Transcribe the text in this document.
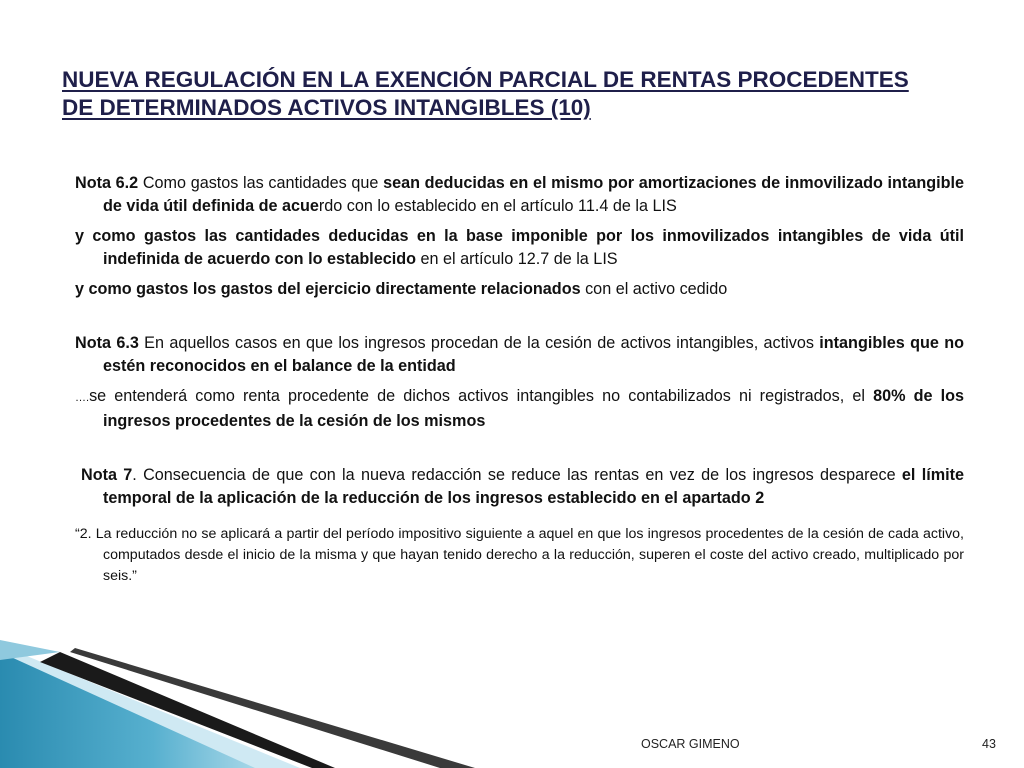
NUEVA REGULACIÓN EN LA EXENCIÓN PARCIAL DE RENTAS PROCEDENTES
DE DETERMINADOS ACTIVOS INTANGIBLES (10)

Nota 6.2 Como gastos las cantidades que sean deducidas en el mismo por amortizaciones de inmovilizado intangible de vida útil definida de acuerdo con lo establecido en el artículo 11.4 de la LIS

y como gastos las cantidades deducidas en la base imponible por los inmovilizados intangibles de vida útil indefinida de acuerdo con lo establecido en el artículo 12.7 de la LIS

y como gastos los gastos del ejercicio directamente relacionados con el activo cedido

Nota 6.3 En aquellos casos en que los ingresos procedan de la cesión de activos intangibles, activos intangibles que no estén reconocidos en el balance de la entidad

….se entenderá como renta procedente de dichos activos intangibles no contabilizados ni registrados, el 80% de los ingresos procedentes de la cesión de los mismos

Nota 7. Consecuencia de que con la nueva redacción se reduce las rentas en vez de los ingresos desparece el límite temporal de la aplicación de la reducción de los ingresos establecido en el apartado 2

“2. La reducción no se aplicará a partir del período impositivo siguiente a aquel en que los ingresos procedentes de la cesión de cada activo, computados desde el inicio de la misma y que hayan tenido derecho a la reducción, superen el coste del activo creado, multiplicado por seis.”

OSCAR GIMENO	43
